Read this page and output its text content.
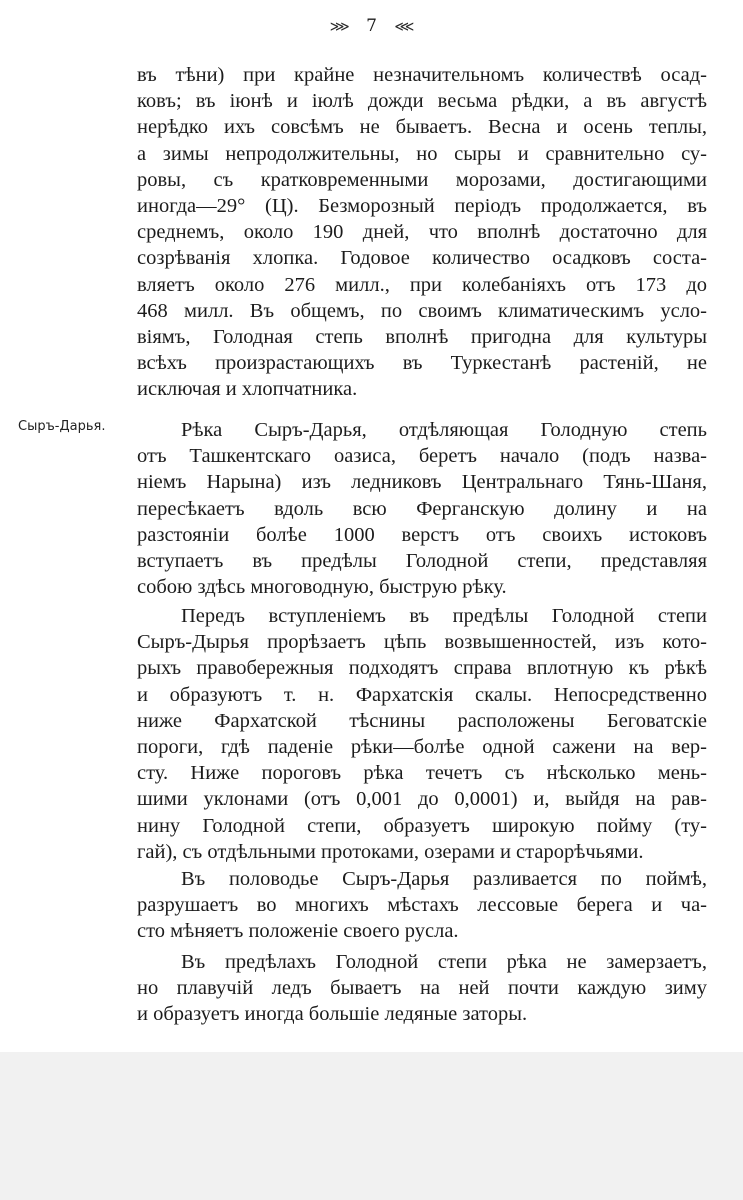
⋙ 7 ⋘
Сыръ-Дарья.
въ тѣни) при крайне незначительномъ количествѣ осад-
ковъ; въ іюнѣ и іюлѣ дожди весьма рѣдки, а въ августѣ
нерѣдко ихъ совсѣмъ не бываетъ. Весна и осень теплы,
а зимы непродолжительны, но сыры и сравнительно су-
ровы, съ кратковременными морозами, достигающими
иногда—29° (Ц). Безморозный періодъ продолжается, въ
среднемъ, около 190 дней, что вполнѣ достаточно для
созрѣванія хлопка. Годовое количество осадковъ соста-
вляетъ около 276 милл., при колебаніяхъ отъ 173 до
468 милл. Въ общемъ, по своимъ климатическимъ усло-
віямъ, Голодная степь вполнѣ пригодна для культуры
всѣхъ произрастающихъ въ Туркестанѣ растеній, не
исключая и хлопчатника.
Рѣка Сыръ-Дарья, отдѣляющая Голодную степь
отъ Ташкентскаго оазиса, беретъ начало (подъ назва-
ніемъ Нарына) изъ ледниковъ Центральнаго Тянь-Шаня,
пересѣкаетъ вдоль всю Ферганскую долину и на
разстояніи болѣе 1000 верстъ отъ своихъ истоковъ
вступаетъ въ предѣлы Голодной степи, представляя
собою здѣсь многоводную, быструю рѣку.
Передъ вступленіемъ въ предѣлы Голодной степи
Сыръ-Дырья прорѣзаетъ цѣпь возвышенностей, изъ кото-
рыхъ правобережныя подходятъ справа вплотную къ рѣкѣ
и образуютъ т. н. Фархатскія скалы. Непосредственно
ниже Фархатской тѣснины расположены Беговатскіе
пороги, гдѣ паденіе рѣки—болѣе одной сажени на вер-
сту. Ниже пороговъ рѣка течетъ съ нѣсколько мень-
шими уклонами (отъ 0,001 до 0,0001) и, выйдя на рав-
нину Голодной степи, образуетъ широкую пойму (ту-
гай), съ отдѣльными протоками, озерами и старорѣчьями.
Въ половодье Сыръ-Дарья разливается по поймѣ,
разрушаетъ во многихъ мѣстахъ лессовые берега и ча-
сто мѣняетъ положеніе своего русла.
Въ предѣлахъ Голодной степи рѣка не замерзаетъ,
но плавучій ледъ бываетъ на ней почти каждую зиму
и образуетъ иногда большіе ледяные заторы.
